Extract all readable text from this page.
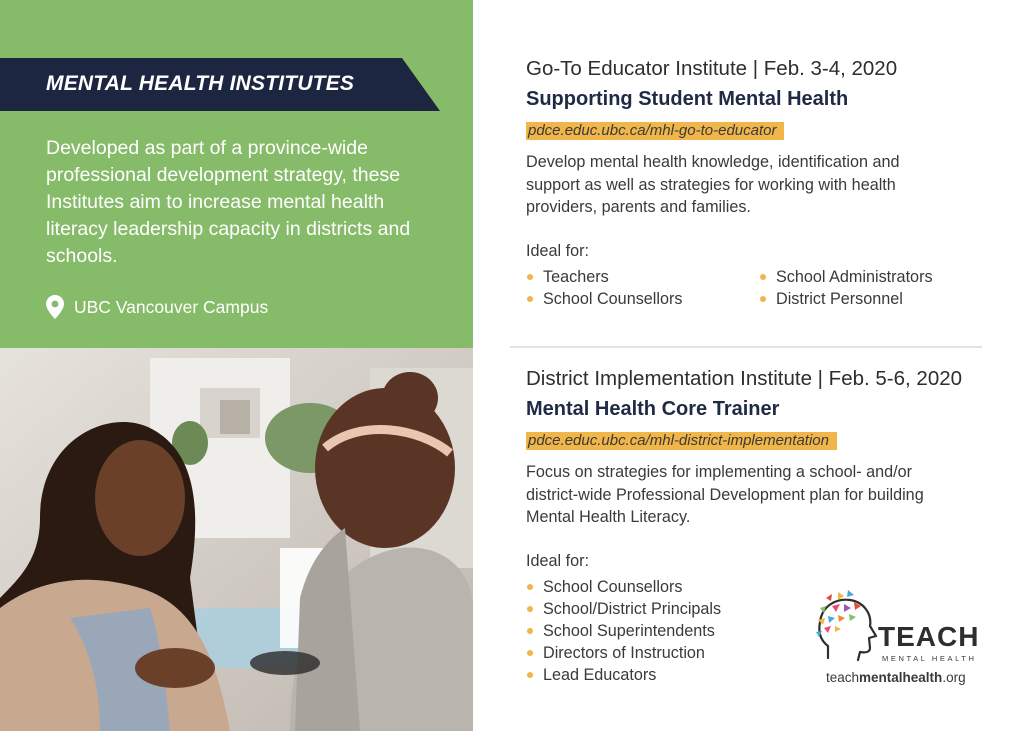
MENTAL HEALTH INSTITUTES
Developed as part of a province-wide professional development strategy, these Institutes aim to increase mental health literacy leadership capacity in districts and schools.
UBC Vancouver Campus
Go-To Educator Institute | Feb. 3-4, 2020
Supporting Student Mental Health
pdce.educ.ubc.ca/mhl-go-to-educator
Develop mental health knowledge, identification and support as well as strategies for working with health providers, parents and families.
Ideal for:
Teachers	School Administrators
School Counsellors	District Personnel
District Implementation Institute | Feb. 5-6, 2020
Mental Health Core Trainer
pdce.educ.ubc.ca/mhl-district-implementation
Focus on strategies for implementing a school- and/or district-wide Professional Development plan for building Mental Health Literacy.
Ideal for:
School Counsellors
School/District Principals
School Superintendents
Directors of Instruction
Lead Educators
TEACH
MENTAL HEALTH
teachmentalhealth.org
